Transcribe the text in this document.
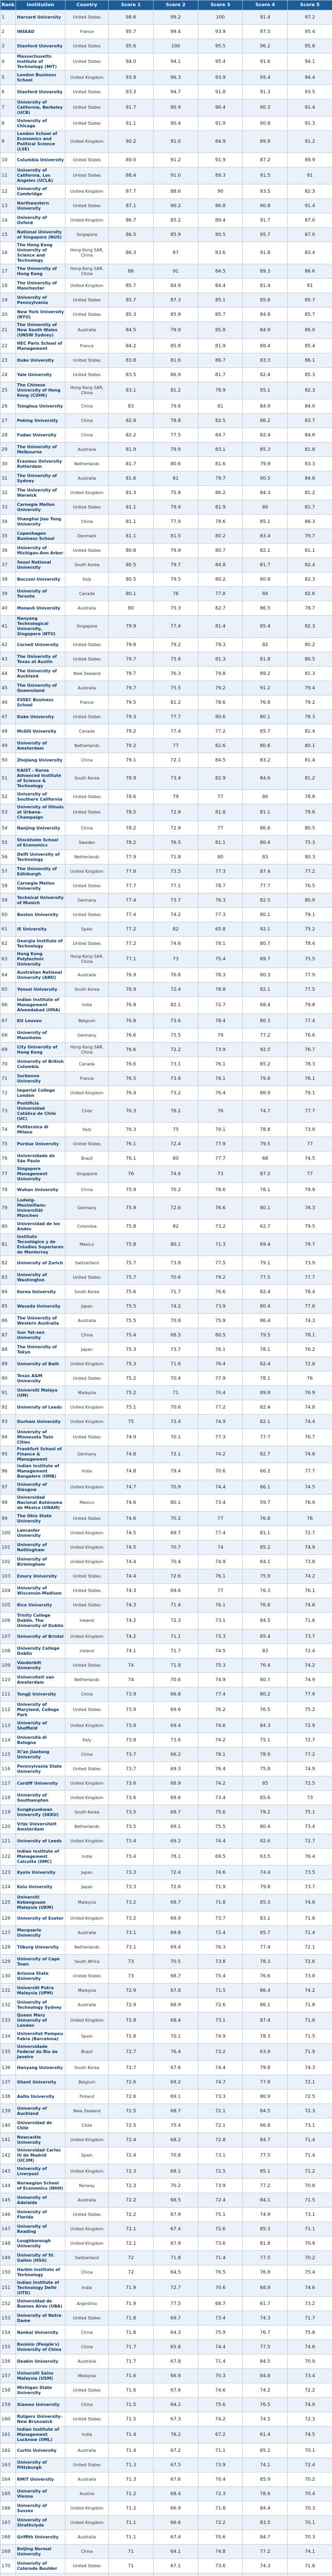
Rank	Institution	Country	Score 1	Score 2	Score 3	Score 4	Score 5
1	Harvard University	United States	98.6	99.2	100	91.4	97.2
2	INSEAD	France	95.7	99.4	93.9	97.5	95.4
3	Stanford University	United States	95.6	100	95.5	96.2	95.8
4	Massachusetts Institute of Technology (MIT)	United States	94.0	94.1	95.4	91.6	94.1
5	London Business School	United Kingdom	93.9	96.3	93.9	95.4	94.4
6	Stanford University	United States	93.3	94.7	91.8	91.3	93.5
7	University of California, Berkeley (UCB)	United States	91.7	90.9	90.4	90.3	91.4
8	University of Chicago	United States	91.1	90.4	91.9	90.8	91.3
9	London School of Economics and Political Science (LSE)	United Kingdom	90.2	91.0	84.9	89.9	91.2
10	Columbia University	United States	89.0	91.2	91.9	87.2	89.9
11	University of California, Los Angeles (UCLA)	United States	88.4	91.0	89.3	91.5	91
12	University of Cambridge	United Kingdom	87.7	88.6	90	93.5	82.3
13	Northwestern University	United States	87.1	90.2	86.8	90.8	91.4
14	University of Oxford	United Kingdom	86.7	85.2	89.4	91.7	87.0
15	National University of Singapore (NUS)	Singapore	86.5	85.9	90.5	95.7	87.0
16	The Hong Kong University of Science and Technology	Hong Kong SAR, China	86.3	87	83.6	91.8	83.4
17	The University of Hong Kong	Hong Kong SAR, China	86	91	84.5	89.3	86.6
18	The University of Manchester	United Kingdom	85.7	84.9	84.4	81.4	91
19	University of Pennsylvania	United States	85.7	87.3	85.1	85.8	85.7
20	New York University (NYU)	United States	85.3	85.9	85.7	84.8	85.7
21	The University of New South Wales (UNSW Sydney)	Australia	84.5	79.9	85.8	84.9	86.0
22	HEC Paris School of Management	France	84.2	85.8	81.9	88.4	85.4
23	Duke University	United States	83.8	81.6	86.7	83.3	86.1
24	Yale University	United States	83.5	86.9	81.7	82.4	85.3
25	The Chinese University of Hong Kong (CUHK)	Hong Kong SAR, China	83.1	81.2	78.9	95.1	82.3
26	Tsinghua University	China	83	79.6	81	84.9	84.0
27	Peking University	China	82.9	78.8	82.5	86.2	83.7
28	Fudan University	China	82.2	77.5	84.7	82.4	84.6
29	The University of Melbourne	Australia	81.9	79.9	83.1	85.3	81.8
30	Erasmus University Rotterdam	Netherlands	81.7	80.6	81.6	79.9	83.3
31	The University of Sydney	Australia	81.6	81	79.7	90.5	84.6
32	The University of Warwick	United Kingdom	81.3	75.8	86.2	84.3	81.2
33	Carnegie Mellon University	United States	81.1	79.9	81.9	80	81.7
34	Shanghai Jiao Tong University	China	81.1	77.9	79.6	85.1	86.3
35	Copenhagen Business School	Denmark	81.1	81.5	80.2	83.4	79.7
36	University of Michigan-Ann Arbor	United States	80.8	79.9	80.7	82.1	81.1
37	Seoul National University	South Korea	80.5	79.7	84.8	81.7	82.4
38	Bocconi University	Italy	80.5	79.5	80.2	80.8	82.3
39	University of Toronto	Canada	80.1	76	77.8	84	82.6
40	Monash University	Australia	80	75.3	82.7	86.5	78.7
41	Nanyang Technological University, Singapore (NTU)	Singapore	79.9	77.4	81.4	85.4	82.3
42	Cornell University	United States	79.8	79.2	79.3	82	80.2
43	The University of Texas at Austin	United States	79.7	75.8	81.3	81.8	80.5
44	The University of Auckland	New Zealand	79.7	76.3	79.8	89.2	81.3
45	The University of Queensland	Australia	79.7	75.5	79.2	91.2	79.4
46	ESSEC Business School	France	79.5	81.2	78.6	76.8	79.2
47	Duke University	United States	79.3	77.7	80.6	80.1	78.3
48	McGill University	Canada	79.2	77.4	77.2	85.7	81.4
49	University of Amsterdam	Netherlands	79.2	77	82.6	80.6	80.1
50	Zhejiang University	China	79.1	72.1	84.5	83.2	81.4
51	KAIST - Korea Advanced Institute of Science & Technology	South Korea	78.9	73.4	82.9	84.6	81.2
52	University of Southern California	United States	78.6	79	77	80	78.8
53	University of Illinois at Urbana-Champaign	United States	78.5	72.9	81.8	81.1	79.6
54	Nanjing University	China	78.2	72.9	77	86.6	80.5
55	Stockholm School of Economics	Sweden	78.2	76.5	81.1	80.4	75.3
56	Delft University of Technology	Netherlands	77.9	71.8	80	83	80.3
57	The University of Edinburgh	United Kingdom	77.8	73.5	77.3	87.4	77.2
58	Carnegie Mellon University	United States	77.7	77.1	78.7	77.7	76.5
59	Technical University of Munich	Germany	77.4	73.7	76.3	82.5	80.9
60	Boston University	United States	77.4	74.2	77.3	80.1	79.1
61	IE University	Spain	77.2	82	65.8	92.1	75.2
62	Georgia Institute of Technology	United States	77.2	74.6	78.1	80.7	78.4
63	Hong Kong Polytechnic University	Hong Kong SAR, China	77.1	73	75.4	89.7	75.5
64	Australian National University (ANU)	Australia	76.9	76.6	78.3	80.3	77.9
65	Yonsei University	South Korea	76.9	72.4	78.8	82.1	77.5
66	Indian Institute of Management Ahmedabad (IIMA)	India	76.8	82.1	72.7	68.4	79.8
67	KU Leuven	Belgium	76.8	73.6	78.4	80.3	77.4
68	University of Mannheim	Germany	76.6	75.5	79	77.2	76.6
69	City University of Hong Kong	Hong Kong SAR, China	76.6	72.2	73.9	92.5	76.7
70	University of British Columbia	Canada	76.6	73.1	76.1	85.2	78.3
71	Sorbonne University	France	76.5	73.8	78.1	79.8	76.1
72	Imperial College London	United Kingdom	76.4	73.2	76.4	88.9	79.1
73	Pontificia Universidad Católica de Chile (UC)	Chile	76.3	78.2	76	74.7	77.7
74	Politecnico di Milano	Italy	76.3	75	79.1	78.8	73.9
75	Purdue University	United States	76.1	72.4	77.9	79.5	77
76	Universidade de São Paulo	Brazil	76.1	80	77.7	68	74.5
77	Singapore Management University	Singapore	76	74.6	73	87.2	77
78	Wuhan University	China	75.9	70.2	78.6	78.1	79.9
79	Ludwig-Maximilians-Universität München	Germany	75.9	72.6	76.6	80.1	78.3
80	Universidad de los Andes	Colombia	75.8	82	73.2	62.7	79.5
81	Instituto Tecnológico y de Estudios Superiores de Monterrey	Mexico	75.8	80.1	71.3	69.4	79.7
82	University of Zurich	Switzerland	75.7	73.8	77.5	79.1	73.9
83	University of Washington	United States	75.7	70.6	79.2	77.5	77.7
84	Korea University	South Korea	75.6	71.7	76.6	82.4	78.4
85	Waseda University	Japan	75.5	74.2	73.9	80.4	77.6
86	The University of Western Australia	Australia	75.5	70.8	75.9	86.4	74.3
87	Sun Yat-sen University	China	75.4	68.5	80.5	79.5	78.1
88	The University of Tokyo	Japan	75.3	73.7	76.1	78.1	76.2
89	University of Bath	United Kingdom	75.3	71.8	76.4	82.4	72.8
90	Texas A&M University	United States	75.2	70.4	77.9	78.1	76
91	Universiti Malaya (UM)	Malaysia	75.2	71	70.4	89.8	76.9
92	University of Leeds	United Kingdom	75.1	70.6	77.2	82.4	74.8
93	Durham University	United Kingdom	75	72.4	74.9	82.1	74.4
94	University of Minnesota Twin Cities	United States	74.9	70.1	77.3	77.7	76.7
95	Frankfurt School of Finance & Management	Germany	74.8	72.1	74.2	82.7	74.8
96	Indian Institute of Management Bangalore (IIMB)	India	74.8	79.4	70.6	66.2	77.7
97	University of Glasgow	United Kingdom	74.7	70.9	74.4	86.1	74.5
98	Universidad Nacional Autónoma de México (UNAM)	Mexico	74.6	80.1	73.4	59.7	76.9
99	The Ohio State University	United States	74.6	70.2	77	76.8	76
100	Lancaster University	United Kingdom	74.5	69.7	77.4	81.1	72.7
101	University of Nottingham	United Kingdom	74.5	70.7	74	85.2	74.9
102	University of Birmingham	United Kingdom	74.4	70.4	74.9	84.1	73.8
103	Emory University	United States	74.4	72.6	76.1	75.9	74.2
104	University of Wisconsin-Madison	United States	74.3	69.6	77	76.3	76.1
105	Rice University	United States	74.3	71.4	76.1	76.8	74.6
106	Trinity College Dublin, The University of Dublin	Ireland	74.2	72.3	73.1	84.5	71.6
107	University of Bristol	United Kingdom	74.2	71.1	73.3	85.4	73.7
108	University College Dublin	Ireland	74.1	71.7	74.5	83	72.4
109	Vanderbilt University	United States	74	71.8	75.3	76.4	74.2
110	Universiteit van Amsterdam	Netherlands	74	70.6	74.9	80.7	74.9
111	Tongji University	China	73.9	66.8	77.4	80.2	77.9
112	University of Maryland, College Park	United States	73.9	69.6	76.2	76.5	75.2
113	University of Sheffield	United Kingdom	73.8	69.4	74.6	84.3	72.9
114	Università di Bologna	Italy	73.8	73.6	74.2	75.1	72.7
115	Xi'an Jiaotong University	China	73.7	66.2	78.1	78.9	77.2
116	Pennsylvania State University	United States	73.7	69.3	76.4	75.8	74.9
117	Cardiff University	United Kingdom	73.6	68.9	74.2	85	72.5
118	University of Southampton	United Kingdom	73.6	69.6	73.4	85.6	73
119	Sungkyunkwan University (SKKU)	South Korea	73.5	68.7	75.6	79.2	75.1
120	Vrije Universiteit Amsterdam	Netherlands	73.5	69.1	75.5	80.4	73.4
121	University of Leeds	United Kingdom	73.4	69.2	74.4	82.6	72.7
122	Indian Institute of Management Calcutta (IIMC)	India	73.4	78.1	69.5	63.5	76.4
123	Kyoto University	Japan	73.3	72.4	74.6	74.4	73.5
124	Keio University	Japan	73.3	72.6	71.9	79.8	73.7
125	Universiti Kebangsaan Malaysia (UKM)	Malaysia	73.2	68.7	71.8	85.3	74.6
126	University of Exeter	United Kingdom	73.2	69.9	73.7	83.1	71.8
127	Macquarie University	Australia	73.1	69.8	72.4	85.7	71.4
128	Tilburg University	Netherlands	73.1	69.4	76.3	77.4	72.1
129	University of Cape Town	South Africa	73	70.5	73.8	78.3	72.6
130	Arizona State University	United States	73	68.7	75.4	76.6	73.8
131	Universiti Putra Malaysia (UPM)	Malaysia	72.9	67.8	71.5	86.4	74.2
132	University of Technology Sydney	Australia	72.9	68.9	72.6	86.1	71.8
133	Queen Mary University of London	United Kingdom	72.8	68.4	73.1	87.4	71.6
134	Universitat Pompeu Fabra (Barcelona)	Spain	72.8	70.1	74.9	78.3	71.5
135	Universidade Federal do Rio de Janeiro	Brazil	72.7	76.4	73.2	63.9	71.9
136	Hanyang University	South Korea	72.7	67.6	74.4	79.8	74.3
137	Ghent University	Belgium	72.6	69.2	74.7	77.9	72.1
138	Aalto University	Finland	72.6	69.1	73.3	80.9	72.5
139	University of Auckland	New Zealand	72.5	68.7	72.1	84.5	72.3
140	Universidad de Chile	Chile	72.5	75.4	72.1	66.8	73.1
141	Newcastle University	United Kingdom	72.4	68.2	72.8	84.7	71.4
142	Universidad Carlos III de Madrid (UC3M)	Spain	72.4	70.8	73.1	77.5	71.4
143	University of Liverpool	United Kingdom	72.3	68.1	72.5	85.1	71.2
144	Norwegian School of Economics (NHH)	Norway	72.3	70.2	73.9	77.2	70.8
145	University of Adelaide	Australia	72.2	68.5	72.4	84.1	71.5
146	University of Florida	United States	72.2	67.9	75.1	74.9	73.1
147	University of Reading	United Kingdom	72.1	67.4	72.6	85.3	71.1
148	Loughborough University	United Kingdom	72.1	67.9	73.6	81.8	70.9
149	University of St. Gallen (HSG)	Switzerland	72	71.8	71.4	77.5	70.2
150	Harbin Institute of Technology	China	72	64.5	76.5	76.8	75.4
151	Indian Institute of Technology Delhi (IITD)	India	71.9	72.7	70.6	68.9	74.6
152	Universidad de Buenos Aires (UBA)	Argentina	71.9	77.5	68.7	61.7	73.2
153	University of Notre Dame	United States	71.8	69.7	73.4	74.3	71.7
154	Nankai University	China	71.8	64.3	75.9	76.7	75.8
155	Renmin (People's) University of China	China	71.7	65.8	74.4	77.5	74.6
156	Deakin University	Australia	71.7	67.8	71.4	84.5	70.9
157	Universiti Sains Malaysia (USM)	Malaysia	71.6	66.9	70.3	84.8	73.4
158	Michigan State University	United States	71.6	67.6	74.6	74.2	72.2
159	Xiamen University	China	71.5	64.2	75.6	76.5	74.9
160	Rutgers University-New Brunswick	United States	71.5	67.3	74.2	74.5	72.3
161	Indian Institute of Management Lucknow (IIML)	India	71.4	76.2	67.2	61.4	74.5
162	Curtin University	Australia	71.4	67.2	71.1	85.2	70.1
163	University of Pittsburgh	United States	71.3	67.5	73.9	74.1	72.4
164	RMIT University	Australia	71.3	67.6	70.4	85.9	70.2
165	University of Vienna	Austria	71.2	68.4	72.3	78.6	70.4
166	University of Sussex	United Kingdom	71.2	66.9	71.8	84.4	70.3
167	University of Strathclyde	United Kingdom	71.1	66.6	72.2	83.5	70.1
168	Griffith University	Australia	71.1	67.4	70.6	84.7	70.3
169	Beijing Normal University	China	71	64.1	74.8	77.2	74.1
170	University of Colorado Boulder	United States	71	67.1	73.6	74.3	71.8
